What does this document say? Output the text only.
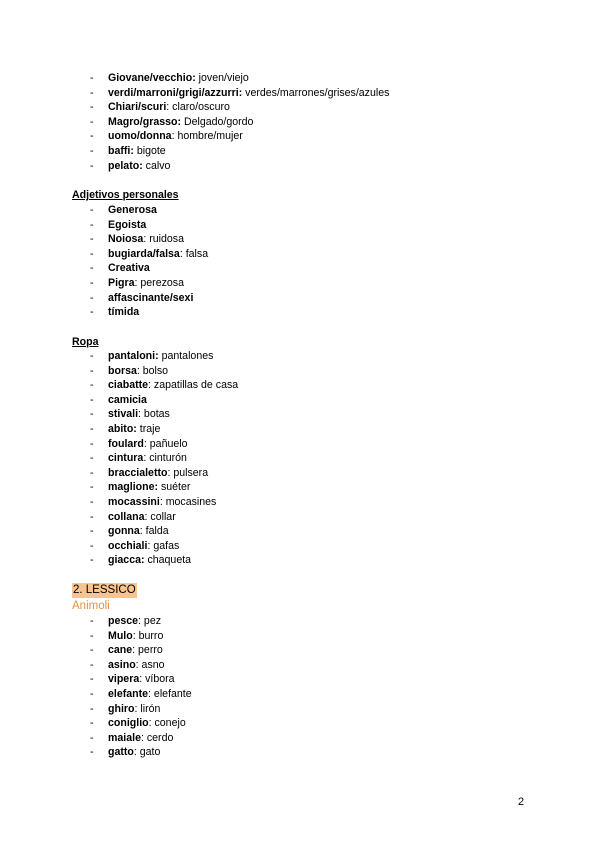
- Giovane/vecchio: joven/viejo
- verdi/marroni/grigi/azzurri: verdes/marrones/grises/azules
- Chiari/scuri: claro/oscuro
- Magro/grasso: Delgado/gordo
- uomo/donna: hombre/mujer
- baffi: bigote
- pelato: calvo
Adjetivos personales
- Generosa
- Egoista
- Noiosa: ruidosa
- bugiarda/falsa: falsa
- Creativa
- Pigra: perezosa
- affascinante/sexi
- tímida
Ropa
- pantaloni: pantalones
- borsa: bolso
- ciabatte: zapatillas de casa
- camicia
- stivali: botas
- abito: traje
- foulard: pañuelo
- cintura: cinturón
- braccialetto: pulsera
- maglione: suéter
- mocassini: mocasines
- collana: collar
- gonna: falda
- occhiali: gafas
- giacca: chaqueta
2. LESSICO
Animoli
- pesce: pez
- Mulo: burro
- cane: perro
- asino: asno
- vipera: víbora
- elefante: elefante
- ghiro: lirón
- coniglio: conejo
- maiale: cerdo
- gatto: gato
2
